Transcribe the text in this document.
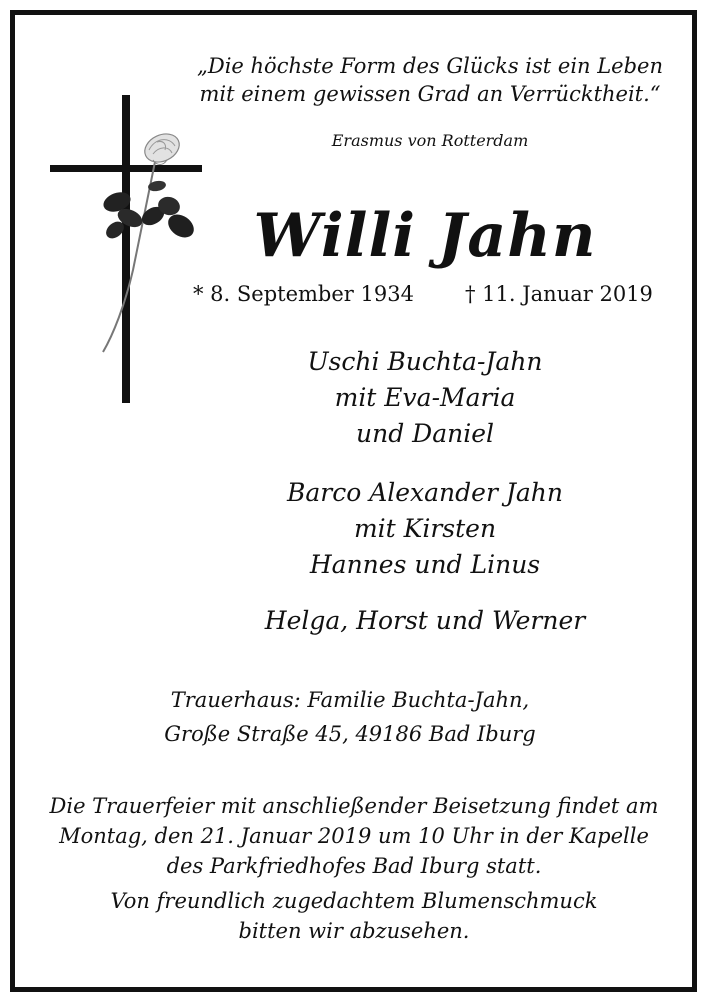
„Die höchste Form des Glücks ist ein Leben
mit einem gewissen Grad an Verrücktheit.“
Erasmus von Rotterdam
Willi Jahn
* 8. September 1934 † 11. Januar 2019
Uschi Buchta-Jahn
mit Eva-Maria
und Daniel
Barco Alexander Jahn
mit Kirsten
Hannes und Linus
Helga, Horst und Werner
Trauerhaus: Familie Buchta-Jahn,
Große Straße 45, 49186 Bad Iburg
Die Trauerfeier mit anschließender Beisetzung findet am
Montag, den 21. Januar 2019 um 10 Uhr in der Kapelle
des Parkfriedhofes Bad Iburg statt.
Von freundlich zugedachtem Blumenschmuck
bitten wir abzusehen.
